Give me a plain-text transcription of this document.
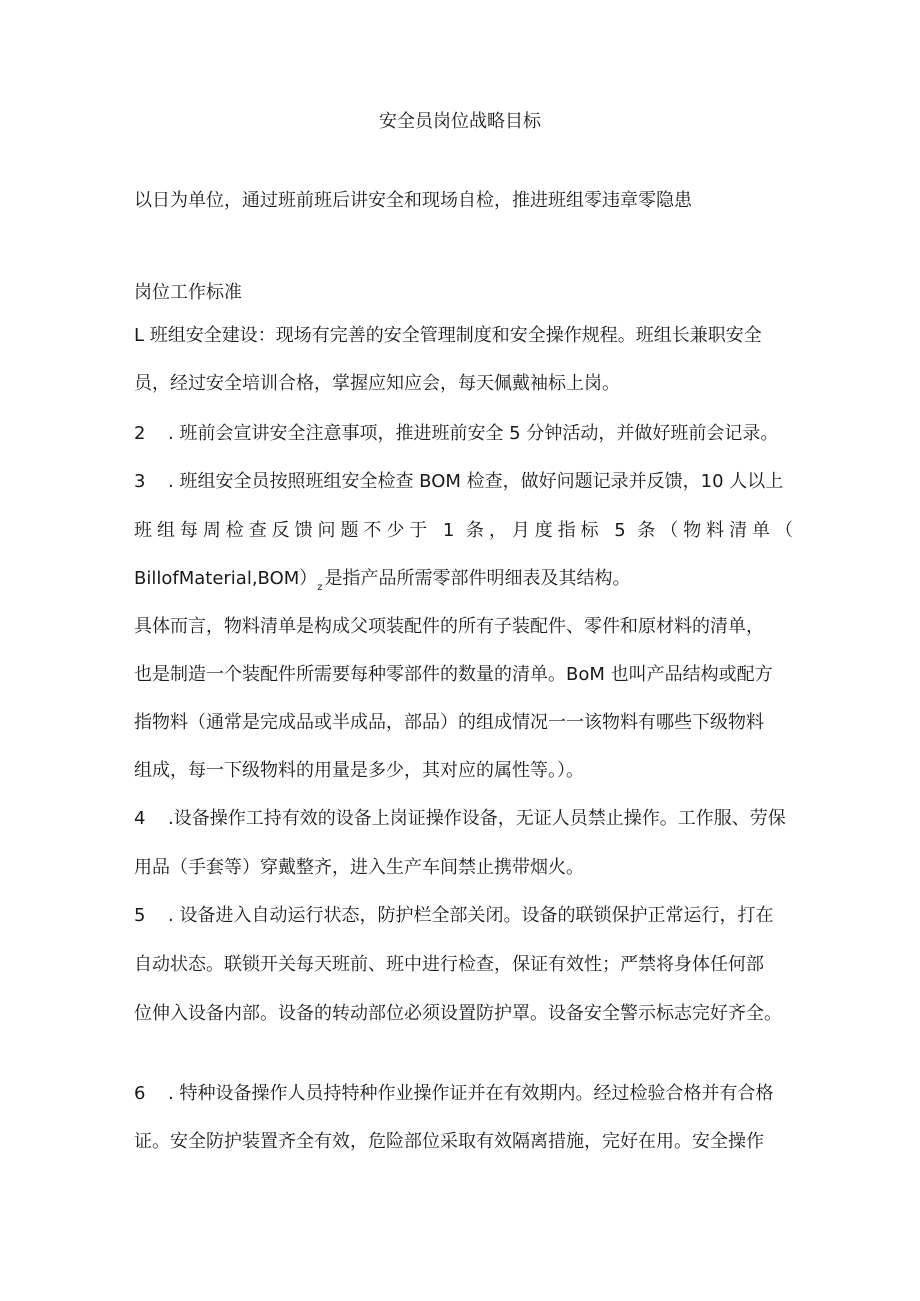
安全员岗位战略目标
以日为单位，通过班前班后讲安全和现场自检，推进班组零违章零隐患
岗位工作标准
L 班组安全建设：现场有完善的安全管理制度和安全操作规程。班组长兼职安全
员，经过安全培训合格，掌握应知应会，每天佩戴袖标上岗。
2 . 班前会宣讲安全注意事项，推进班前安全 5 分钟活动，并做好班前会记录。
3 . 班组安全员按照班组安全检查 BOM 检查，做好问题记录并反馈，10 人以上
班组每周检查反馈问题不少于 1 条，月度指标 5 条（物料清单（
$BillofMaterial,BOM)_z$ 是指产品所需零部件明细表及其结构。
具体而言，物料清单是构成父项装配件的所有子装配件、零件和原材料的清单，
也是制造一个装配件所需要每种零部件的数量的清单。BoM 也叫产品结构或配方
指物料（通常是完成品或半成品，部品）的组成情况一一该物料有哪些下级物料
组成，每一下级物料的用量是多少，其对应的属性等。）。
4 .设备操作工持有效的设备上岗证操作设备，无证人员禁止操作。工作服、劳保
用品（手套等）穿戴整齐，进入生产车间禁止携带烟火。
5 . 设备进入自动运行状态，防护栏全部关闭。设备的联锁保护正常运行，打在
自动状态。联锁开关每天班前、班中进行检查，保证有效性；严禁将身体任何部
位伸入设备内部。设备的转动部位必须设置防护罩。设备安全警示标志完好齐全。
6 . 特种设备操作人员持特种作业操作证并在有效期内。经过检验合格并有合格
证。安全防护装置齐全有效，危险部位采取有效隔离措施，完好在用。安全操作
